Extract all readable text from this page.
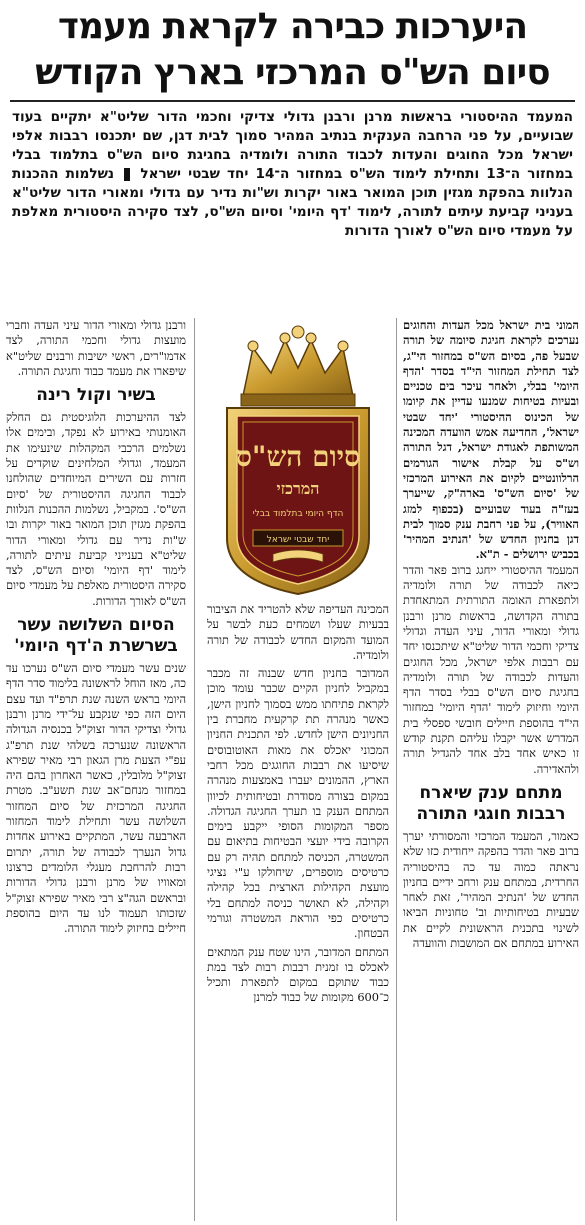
היערכות כבירה לקראת מעמד
סיום הש"ס המרכזי בארץ הקודש
המעמד ההיסטורי בראשות מרנן ורבנן גדולי צדיקי וחכמי הדור שליט"א יתקיים בעוד שבועיים, על פני הרחבה הענקית בנתיב המהיר סמוך לבית דגן, שם יתכנסו רבבות אלפי ישראל מכל החוגים והעדות לכבוד התורה ולומדיה בחגיגת סיום הש"ס בתלמוד בבלי במחזור ה־13 ותחילת לימוד הש"ס במחזור ה־14 יחד שבטי ישראל  נשלמות ההכנות הנלוות בהפקת מגזין תוכן המואר באור יקרות וש"ות נדיר עם גדולי ומאורי הדור שליט"א בעניני קביעת עיתים לתורה, לימוד 'דף היומי' וסיום הש"ס, לצד סקירה היסטורית מאלפת על מעמדי סיום הש"ס לאורך הדורות

המוני בית ישראל מכל העדות והחוגים נערכים לקראת חגיגת סיומה של תורה שבעל פה, בסיום הש"ס במחזור הי"ג, לצד תחילת המחזור הי"ד בסדר 'הדף היומי' בבלי, ולאחר עיכר בים טכניים ובעיות בטיחות שמנעו עדיין את קיומו של הכינוס ההיסטורי 'יחד שבטי ישראל', החדיעה אמש הוועדה המכינה המשותפת לאגודת ישראל, דגל התורה וש"ס על קבלת אישור הגורמים הרלוונטיים לקיום את האירוע המרכזי של 'סיום הש"ס' בארה"ק, שייערך בעז"ה בעוד שבועיים (בכפוף למזג האוויר), על פני רחבת ענק סמוך לבית דגן בחניון החדש של 'הנתיב המהיר' בכביש ירושלים - ת"א.

המעמד ההיסטורי ייחגג ברוב פאר והדר כיאה לכבודה של תורה ולומדיה ולתפארת האומה התורתית המתאחדת בתורה הקדושה, בראשות מרנן ורבנן גדולי ומאורי הדור, עיני העדה וגדולי צדיקי וחכמי הדור שליט"א שיתכנסו יחד עם רבבות אלפי ישראל, מכל החוגים והעדות לכבודה של תורה ולומדיה בחגיגת סיום הש"ס בבלי בסדר הדף היומי וחיזוק לימוד 'הדף היומי' במחזור הי"ד בהוספת חיילים חובשי ספסלי בית המדרש אשר יקבלו עליהם תקנת קודש זו כאיש אחד בלב אחד להגדיל תורה ולהאדירה.

מתחם ענק שיארח רבבות חוגגי התורה

כאמור, המעמד המרכזי והמסורתי יערך ברוב פאר והדר בהפקה ייחודית כזו שלא נראתה כמוה עד כה בהיסטוריה החרדית, במתחם ענק ורחב ידיים בחניון החדש של 'הנתיב המהיר', זאת לאחר שבעיות בטיחותיות וב' טחוניות הביאו לשינוי בתכנית הראשונית לקיים את האירוע במתחם אם המושבות והוועדה

סיום הש"ס
המרכזי
הדף היומי בתלמוד בבלי
יחד שבטי ישראל

המכינה העדיפה שלא להטריד את הציבור בבעיות שעלו ושמחים כעת לבשר על המועד והמקום החדש לכבודה של תורה ולומדיה.

המדובר בחניון חדש שבנוה זה מכבר במקביל לחניון הקיים שכבר עומד מוכן לקראת פתיחתו ממש בסמוך לחניון הישן, כאשר מנהרה תת קרקעית מחברת בין החניונים הישן לחדש. לפי התכנית החניון המכוני יאכלס את מאות האוטובוסים שיסיעו את רבבות החוגגים מכל רחבי הארץ, ההמונים יעברו באמצעות מנהרה במקום בצורה מסודרת ובטיחותית לכיוון המתחם הענק בו תערך החגיגה הגדולה. מספר המקומות הסופי ייקבע בימים הקרובה בידי יועצי הבטיחות בתיאום עם המשטרה, הכניסה למתחם תהיה רק עם כרטיסים מוספרים, שיחולקו ע"י נציגי מועצת הקהילות הארצית בכל קהילה וקהילה, לא תאושר כניסה למתחם בלי כרטיסים כפי הוראת המשטרה וגורמי הבטחון.

המתחם המדובר, הינו שטח ענק המתאים לאכלס בו זמנית רבבות רבות לצד במת כבוד שתוקם במקום לתפארת ותכיל כ־600 מקומות של כבוד למרנן

ורבנן גדולי ומאורי הדור עיני העדה וחברי מועצות גדולי וחכמי התורה, לצד אדמו"רים, ראשי ישיבות ורבנים שליט"א שיפארו את מעמד כבוד וחגיגת התורה.

בשיר וקול רינה

לצד ההיערכות הלוגיסטית גם החלק האומנותי באירוע לא נפקד, ובימים אלו נשלמים הרכבי המקהלות שינעימו את המעמד, וגדולי המלחינים שוקדים על חזרות עם השירים המיוחדים שהולחנו לכבוד החגיגה ההיסטורית של 'סיום הש"ס'. במקביל, נשלמות ההכנות הנלוות בהפקת מגזין תוכן המואר באור יקרות ובו ש"ות נדיר עם גדולי ומאורי הדור שליט"א בענייני קביעת עיתים לתורה, לימוד 'דף היומי' וסיום הש"ס, לצד סקירה היסטורית מאלפת על מעמדי סיום הש"ס לאורך הדורות.

הסיום השלושה עשר בשרשרת ה'דף היומי'

שנים עשר מעמדי סיום הש"ס נערכו עד כה, מאז הוחל לראשונה בלימוד סדר הדף היומי בראש השנה שנת תרפ"ד ועד עצם היום הזה כפי שנקבע על־ידי מרנן ורבנן גדולי וצדיקי הדור זצוק"ל בכנסיה הגדולה הראשונה שנערכה בשלהי שנת תרפ"ג עפ"י הצעת מרן הגאון רבי מאיר שפירא זצוק"ל מלובלין, כאשר האחרון בהם היה במחזור מנחם־אב שנת תשע"ב. מטרת החגיגה המרכזית של סיום המחזור השלושה עשר ותחילת לימוד המחזור הארבעה עשר, המתקיים באירוע אחדות גדול הנערך לכבודה של תורה, יתרום רבות להרחבת מעגלי הלומדים כרצונו ומאוויו של מרנן ורבנן גדולי הדורות ובראשם הגה"צ רבי מאיר שפירא זצוק"ל שזכותו תעמוד לנו עד היום בהוספת חיילים בחיזוק לימוד התורה.
